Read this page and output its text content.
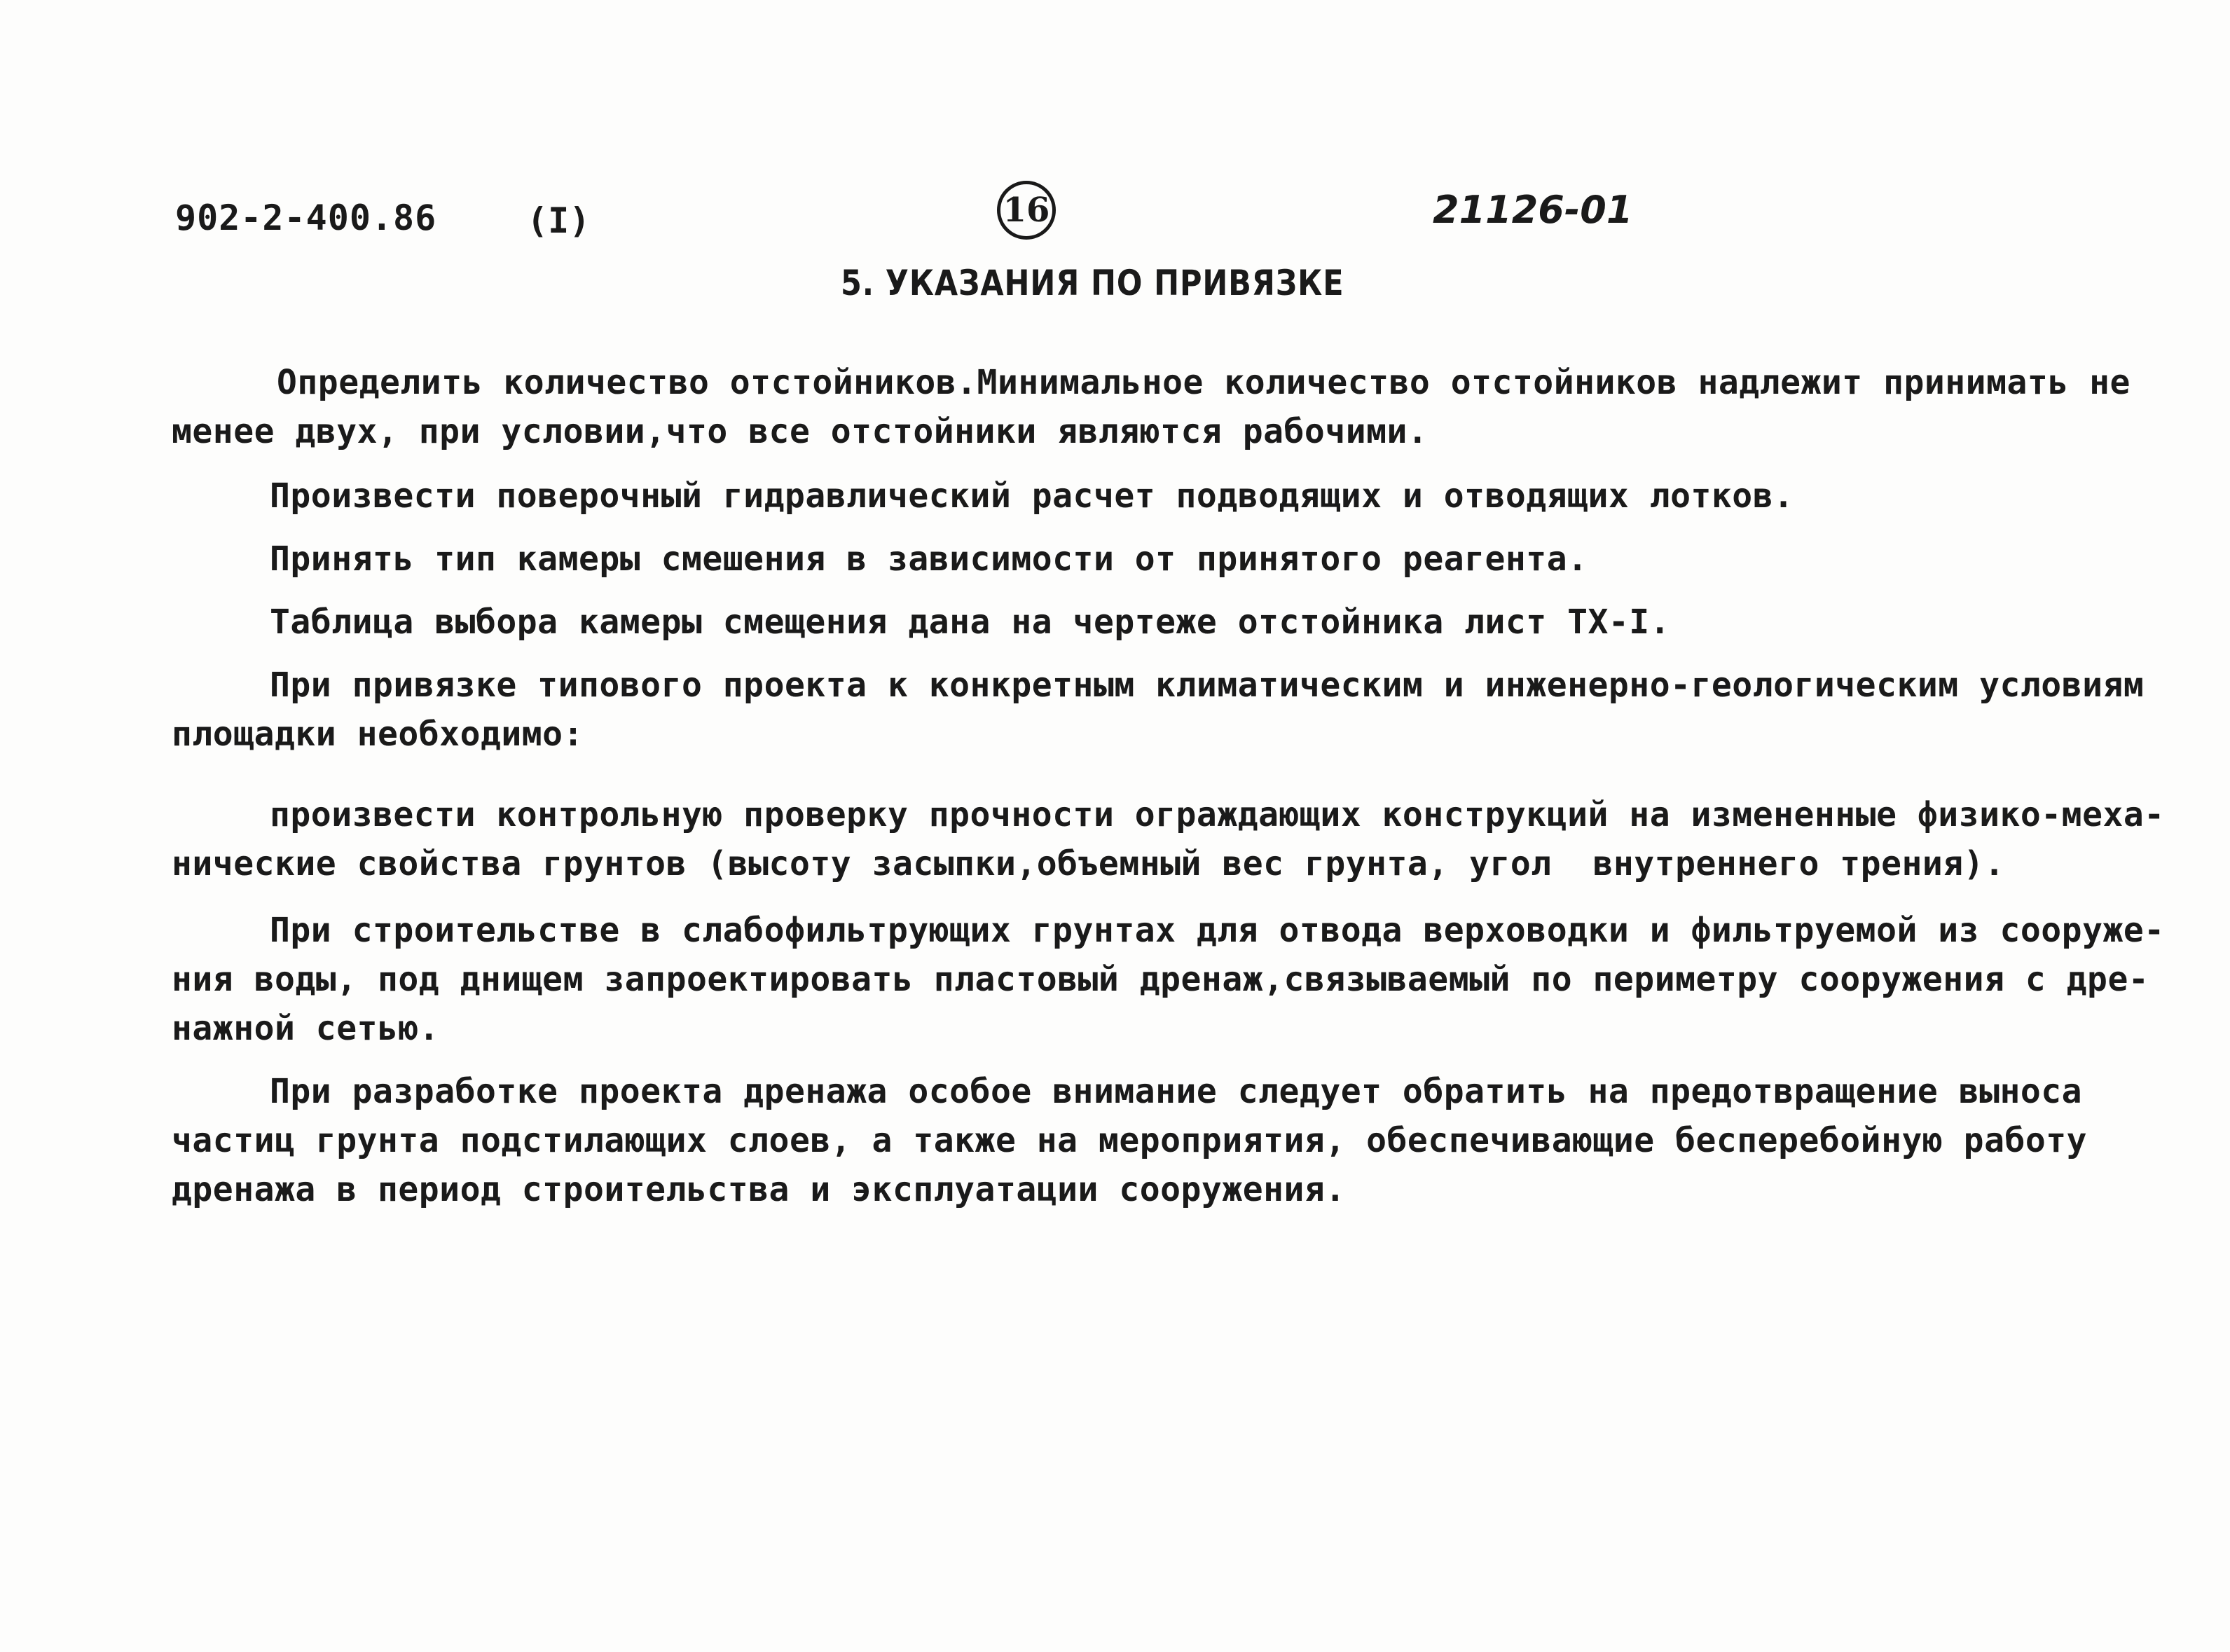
902-2-400.86	(I)	16	21126-01
5. УКАЗАНИЯ ПО ПРИВЯЗКЕ
Определить количество отстойников.Минимальное количество отстойников надлежит принимать не
менее двух, при условии,что все отстойники являются рабочими.
Произвести поверочный гидравлический расчет подводящих и отводящих лотков.
Принять тип камеры смешения в зависимости от принятого реагента.
Таблица выбора камеры смещения дана на чертеже отстойника лист ТХ-I.
При привязке типового проекта к конкретным климатическим и инженерно-геологическим условиям
площадки необходимо:
произвести контрольную проверку прочности ограждающих конструкций на измененные физико-меха-
нические свойства грунтов (высоту засыпки,объемный вес грунта, угол  внутреннего трения).
При строительстве в слабофильтрующих грунтах для отвода верховодки и фильтруемой из сооруже-
ния воды, под днищем запроектировать пластовый дренаж,связываемый по периметру сооружения с дре-
нажной сетью.
При разработке проекта дренажа особое внимание следует обратить на предотвращение выноса
частиц грунта подстилающих слоев, а также на мероприятия, обеспечивающие бесперебойную работу
дренажа в период строительства и эксплуатации сооружения.
